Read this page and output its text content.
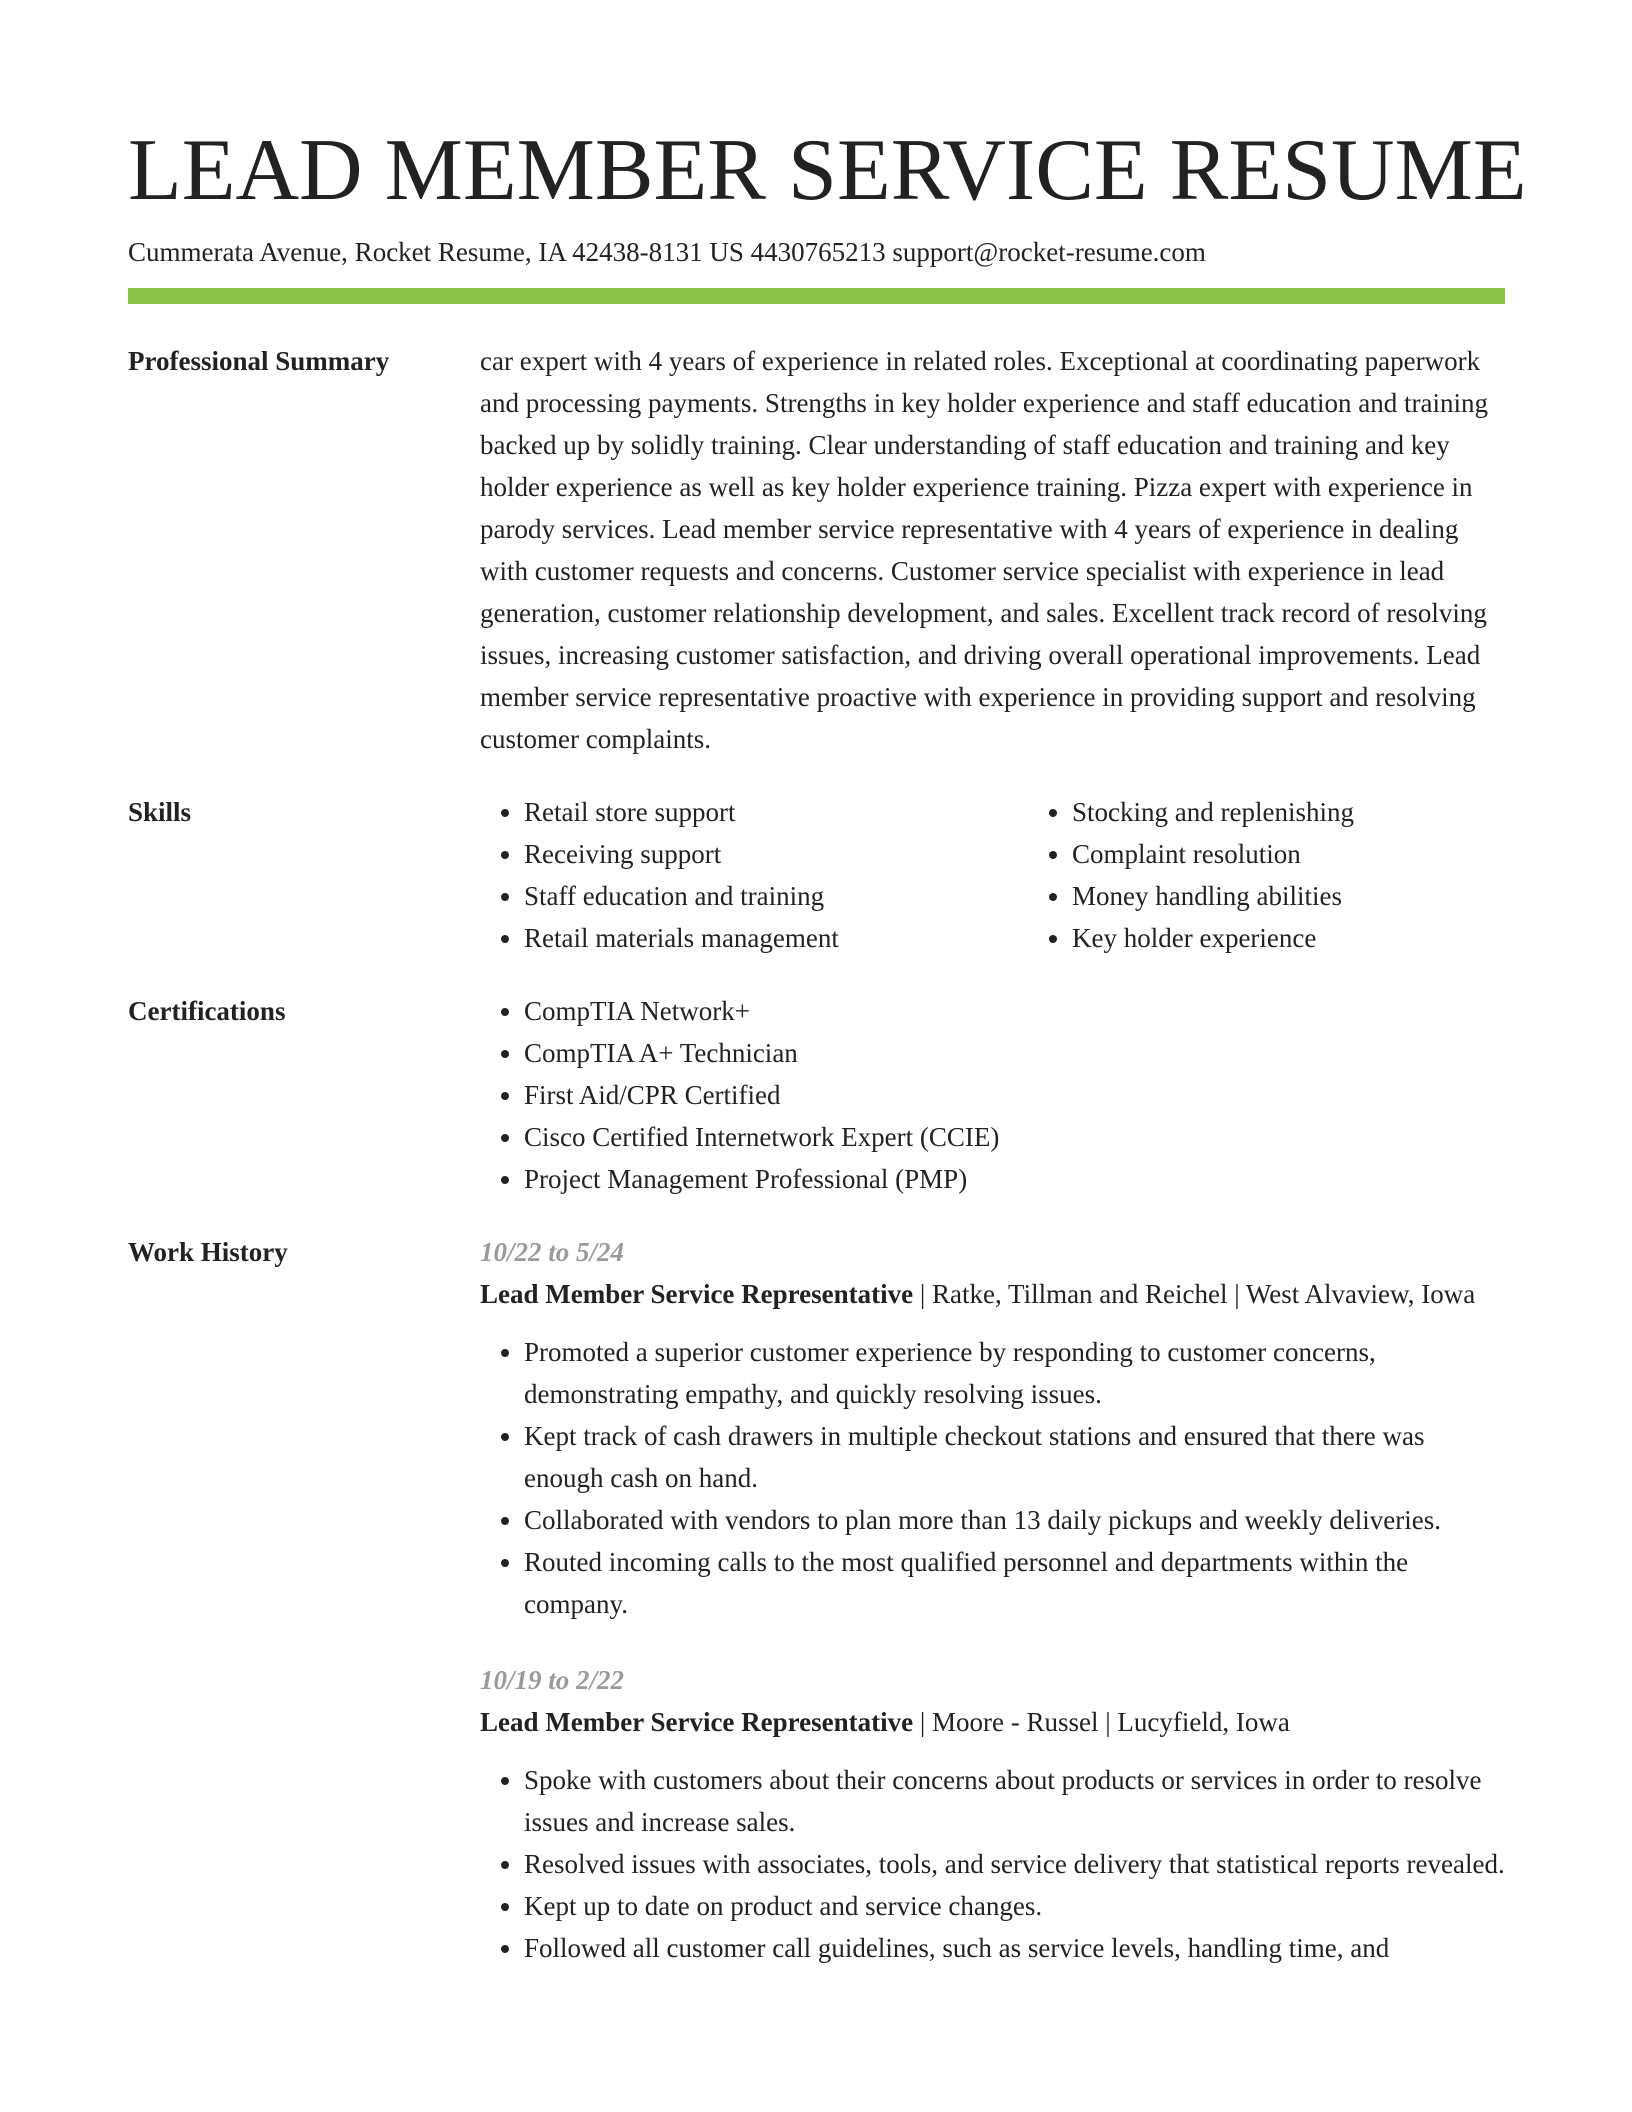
LEAD MEMBER SERVICE RESUME
Cummerata Avenue, Rocket Resume, IA 42438-8131 US 4430765213 support@rocket-resume.com
Professional Summary	car expert with 4 years of experience in related roles. Exceptional at coordinating paperwork and processing payments. Strengths in key holder experience and staff education and training backed up by solidly training. Clear understanding of staff education and training and key holder experience as well as key holder experience training. Pizza expert with experience in parody services. Lead member service representative with 4 years of experience in dealing with customer requests and concerns. Customer service specialist with experience in lead generation, customer relationship development, and sales. Excellent track record of resolving issues, increasing customer satisfaction, and driving overall operational improvements. Lead member service representative proactive with experience in providing support and resolving customer complaints.

Skills	• Retail store support
• Receiving support
• Staff education and training
• Retail materials management
• Stocking and replenishing
• Complaint resolution
• Money handling abilities
• Key holder experience
Certifications	• CompTIA Network+
• CompTIA A+ Technician
• First Aid/CPR Certified
• Cisco Certified Internetwork Expert (CCIE)
• Project Management Professional (PMP)
Work History	10/22 to 5/24

Lead Member Service Representative | Ratke, Tillman and Reichel | West Alvaview, Iowa

• Promoted a superior customer experience by responding to customer concerns, demonstrating empathy, and quickly resolving issues.
• Kept track of cash drawers in multiple checkout stations and ensured that there was enough cash on hand.
• Collaborated with vendors to plan more than 13 daily pickups and weekly deliveries.
• Routed incoming calls to the most qualified personnel and departments within the company.
10/19 to 2/22

Lead Member Service Representative | Moore - Russel | Lucyfield, Iowa

• Spoke with customers about their concerns about products or services in order to resolve issues and increase sales.
• Resolved issues with associates, tools, and service delivery that statistical reports revealed.
• Kept up to date on product and service changes.
• Followed all customer call guidelines, such as service levels, handling time, and
